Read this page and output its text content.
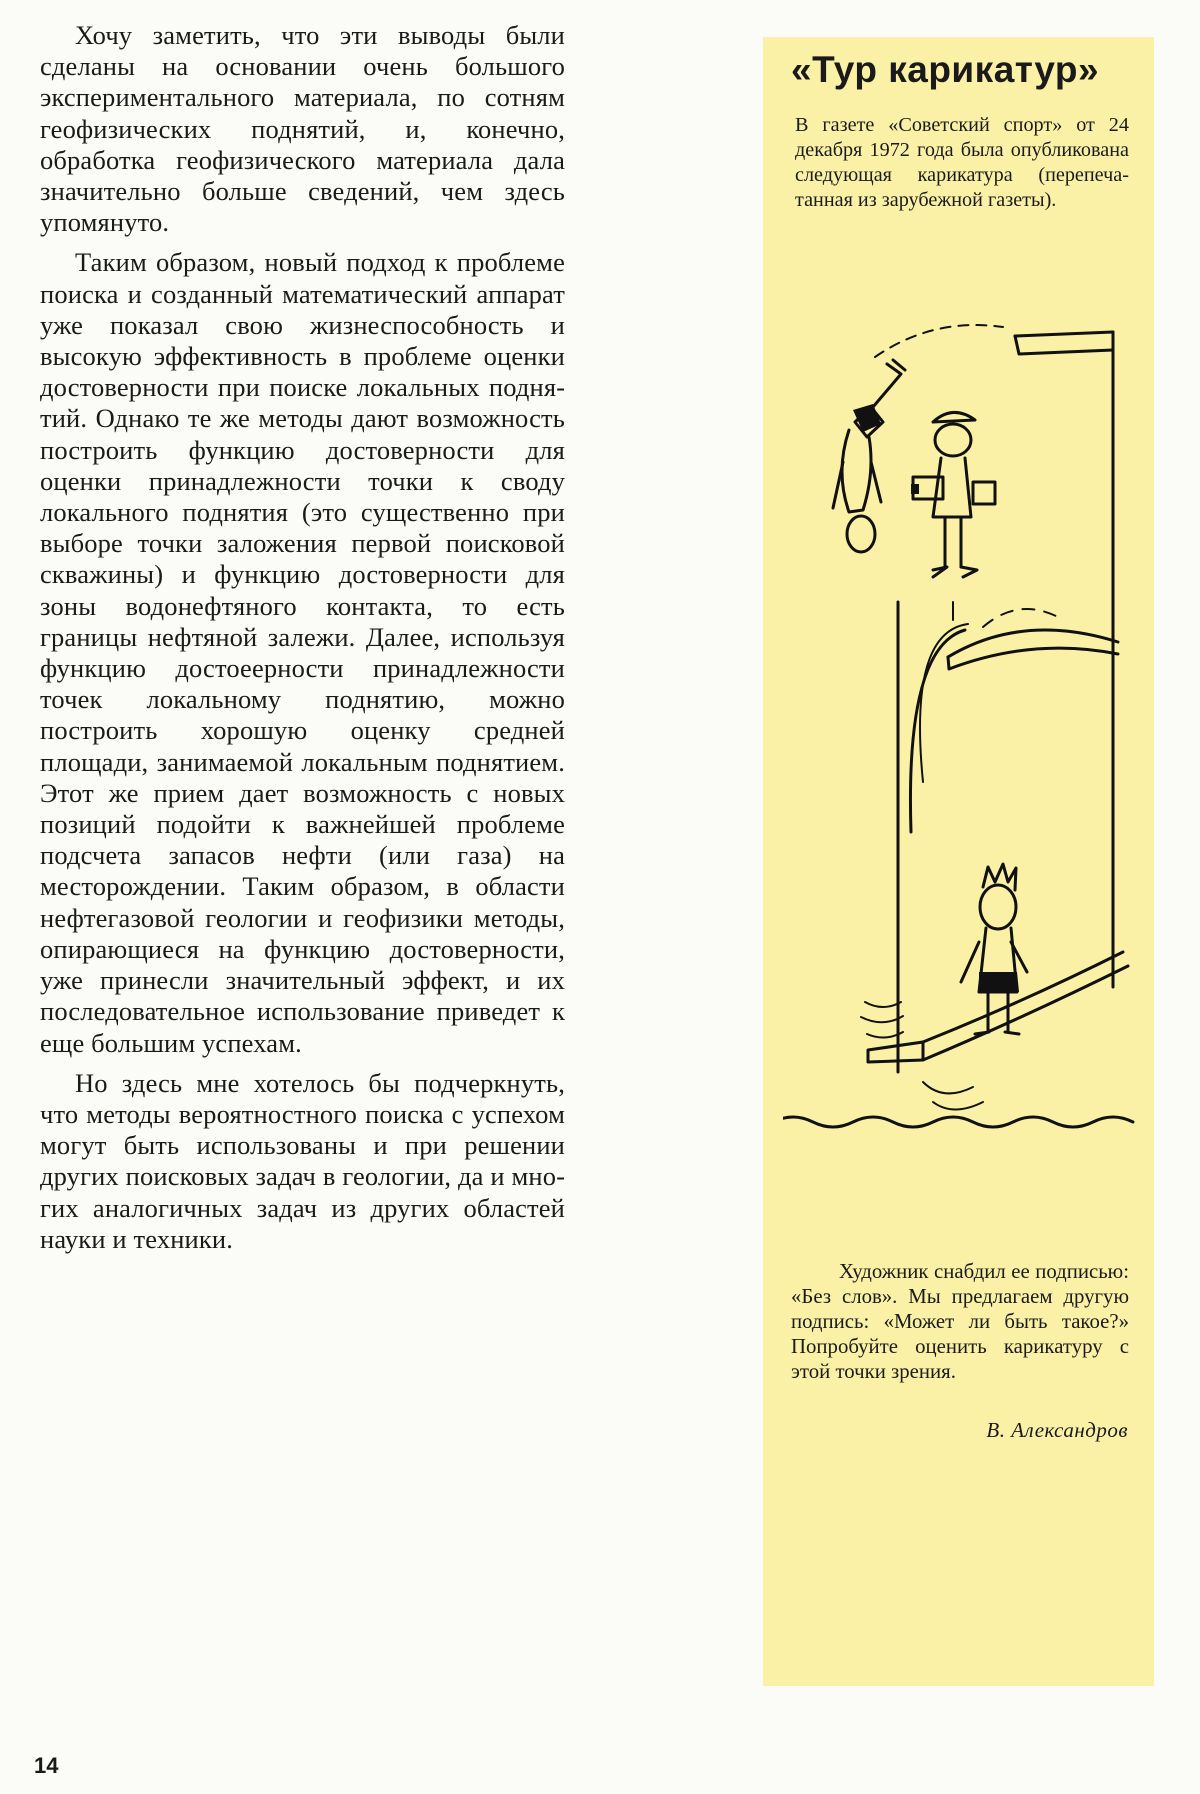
Хочу заметить, что эти выводы были сделаны на основании очень большого экспериментального материала, по сотням геофизических поднятий, и, конечно, обработка геофизического материала дала значительно больше сведений, чем здесь упомянуто.

Таким образом, новый подход к проблеме поиска и созданный математический аппарат уже показал свою жизнеспособность и высокую эффективность в проблеме оценки достоверности при поиске локальных поднятий. Однако те же методы дают возможность построить функцию достоверности для оценки принадлежности точки к своду локального поднятия (это существенно при выборе точки заложения первой поисковой скважины) и функцию достоверности для зоны водонефтяного контакта, то есть границы нефтяной залежи. Далее, используя функцию достоеерности принадлежности точек локальному поднятию, можно построить хорошую оценку средней площади, занимаемой локальным поднятием. Этот же прием дает возможность с новых позиций подойти к важнейшей проблеме подсчета запасов нефти (или газа) на месторождении. Таким образом, в области нефтегазовой геологии и геофизики методы, опирающиеся на функцию достоверности, уже принесли значительный эффект, и их последовательное использование приведет к еще большим успехам.

Но здесь мне хотелось бы подчеркнуть, что методы вероятностного поиска с успехом могут быть использованы и при решении других поисковых задач в геологии, да и многих аналогичных задач из других областей науки и техники.

«Тур карикатур»

В газете «Советский спорт» от 24 декабря 1972 года была опубликована следующая карикатура (перепечатанная из зарубежной газеты).

Художник снабдил ее подписью: «Без слов». Мы предлагаем другую подпись: «Может ли быть такое?» Попробуйте оценить карикатуру с этой точки зрения.

В. Александров

14
